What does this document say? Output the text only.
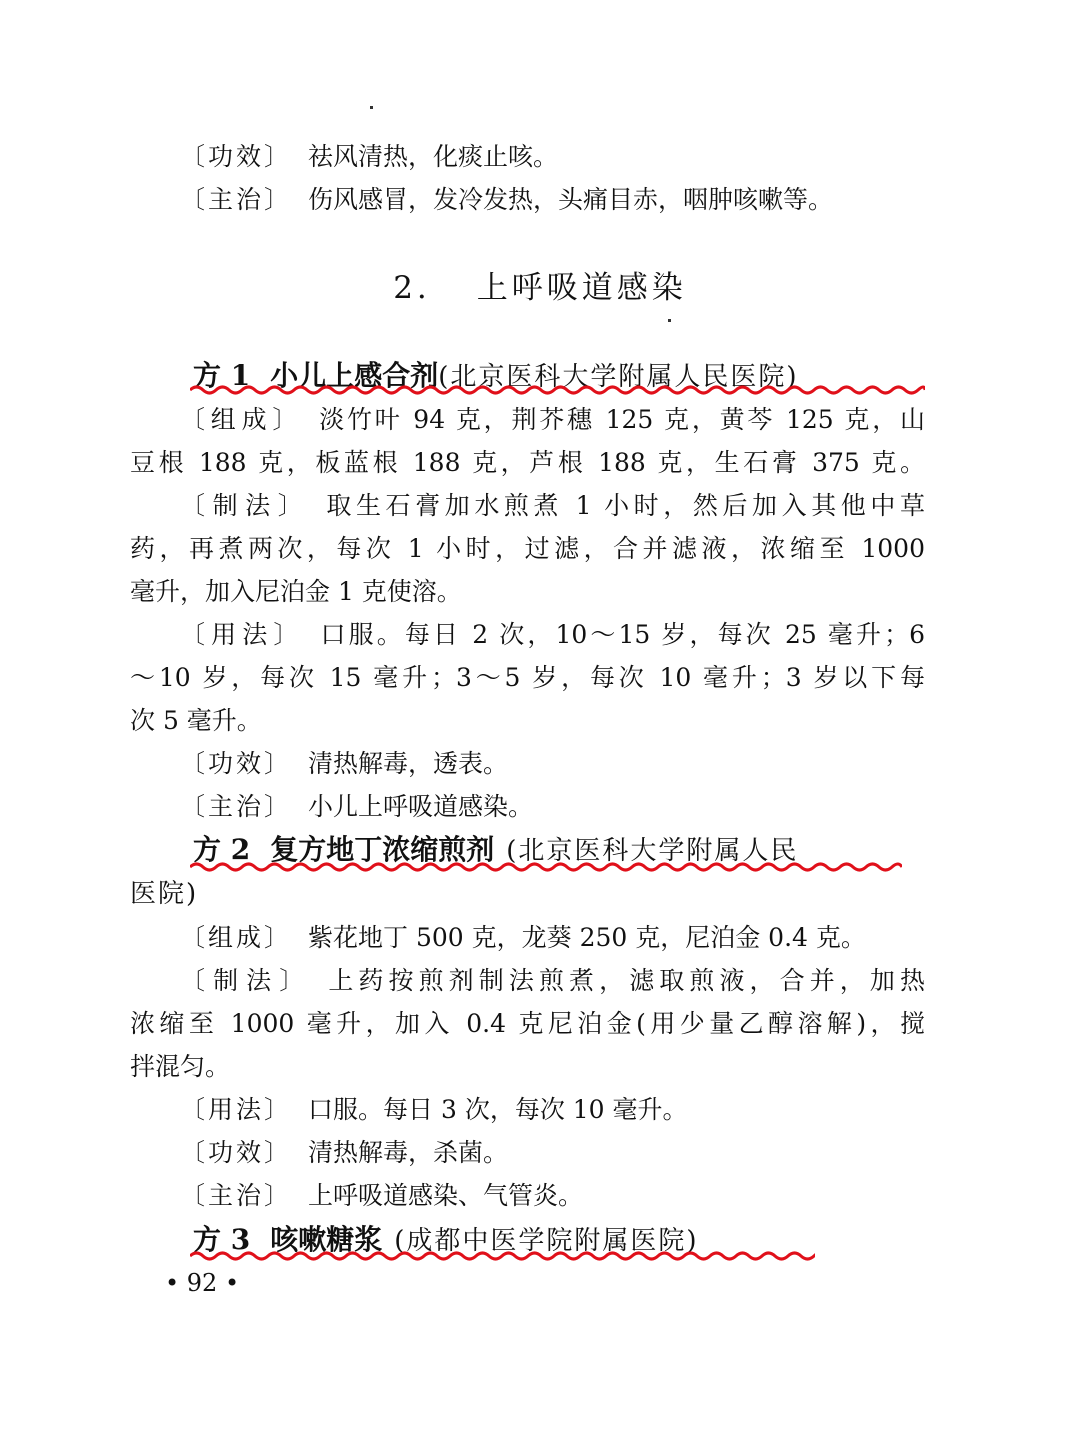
〔功效〕 祛风清热，化痰止咳。
〔主治〕 伤风感冒，发冷发热，头痛目赤，咽肿咳嗽等。
2. 上呼吸道感染
方 1 小儿上感合剂(北京医科大学附属人民医院)
〔组成〕 淡竹叶 94 克，荆芥穗 125 克，黄芩 125 克，山
豆根 188 克，板蓝根 188 克，芦根 188 克，生石膏 375 克。
〔制法〕 取生石膏加水煎煮 1 小时，然后加入其他中草
药，再煮两次，每次 1 小时，过滤，合并滤液，浓缩至 1000
毫升，加入尼泊金 1 克使溶。
〔用法〕 口服。每日 2 次，10～15 岁，每次 25 毫升；6
～10 岁，每次 15 毫升；3～5 岁，每次 10 毫升；3 岁以下每
次 5 毫升。
〔功效〕 清热解毒，透表。
〔主治〕 小儿上呼吸道感染。
方 2 复方地丁浓缩煎剂 (北京医科大学附属人民
医院)
〔组成〕 紫花地丁 500 克，龙葵 250 克，尼泊金 0.4 克。
〔制法〕 上药按煎剂制法煎煮，滤取煎液，合并，加热
浓缩至 1000 毫升，加入 0.4 克尼泊金(用少量乙醇溶解)，搅
拌混匀。
〔用法〕 口服。每日 3 次，每次 10 毫升。
〔功效〕 清热解毒，杀菌。
〔主治〕 上呼吸道感染、气管炎。
方 3 咳嗽糖浆 (成都中医学院附属医院)
• 92 •
